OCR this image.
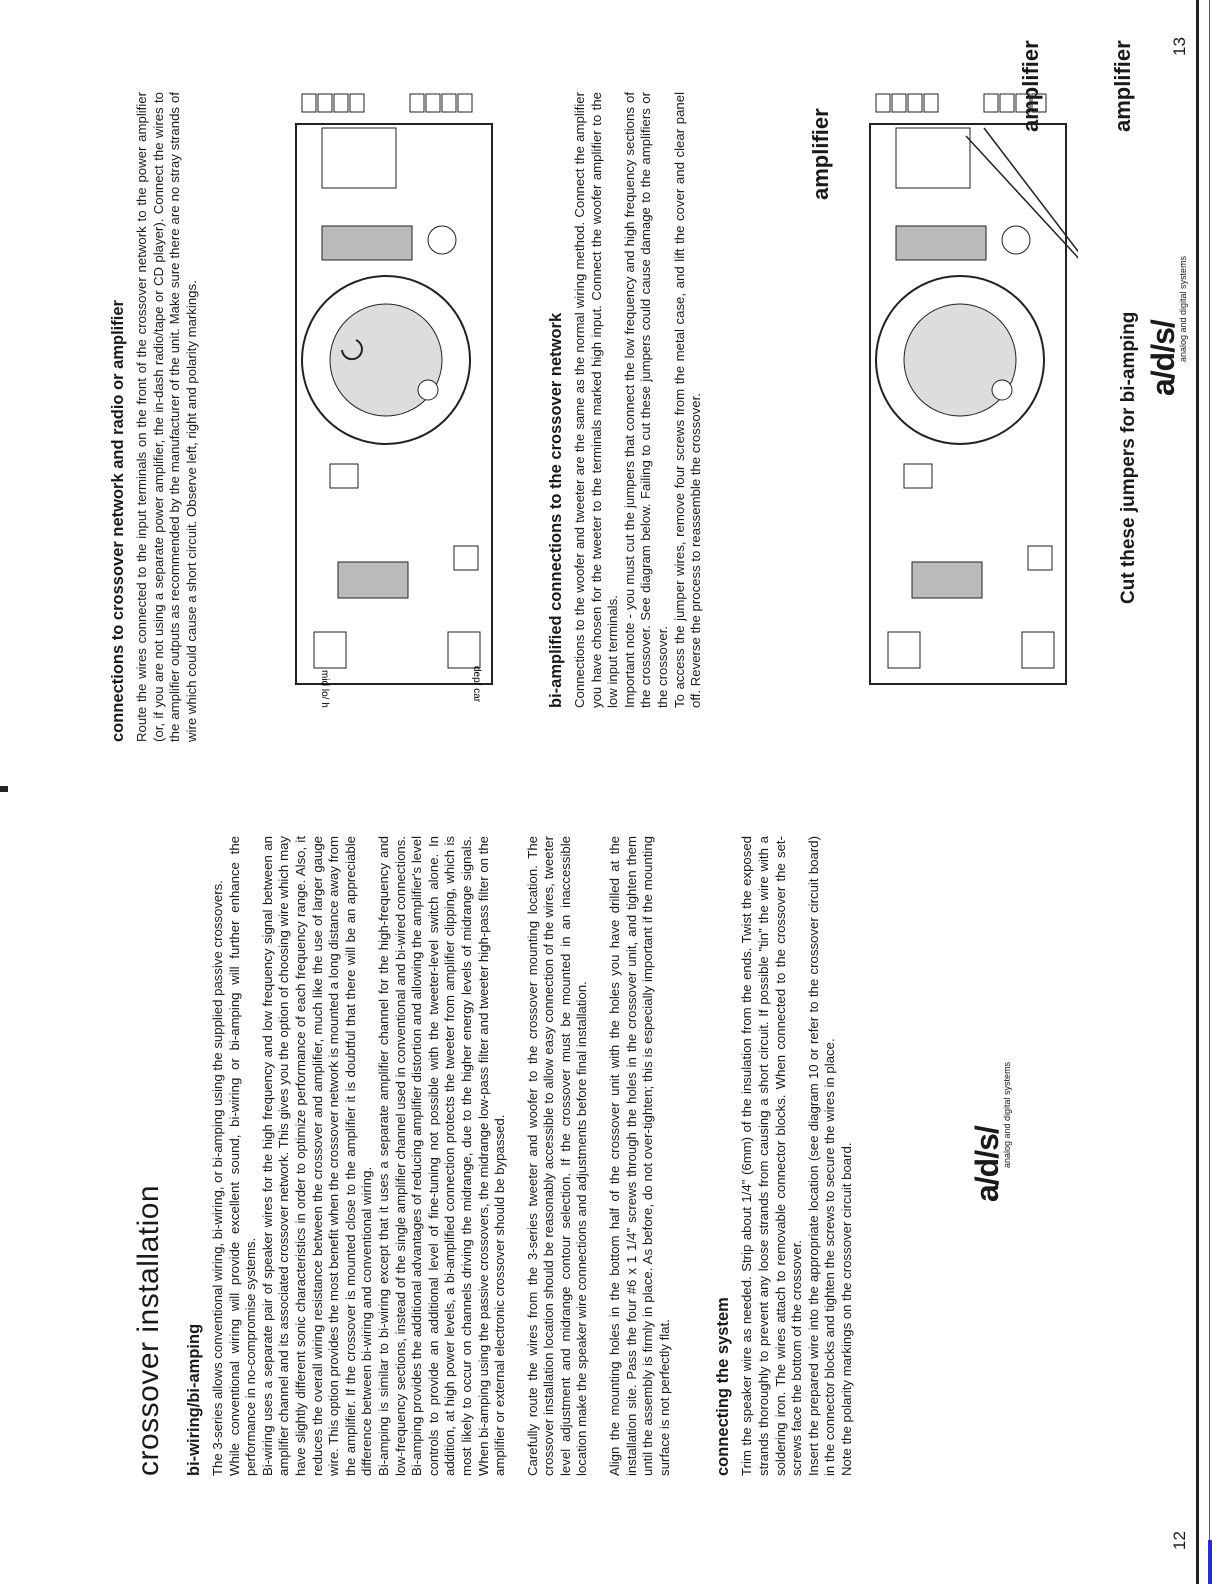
crossover installation bi-wiring/bi-amping The 3-series allows conventional wiring, bi-wiring, or bi-amping using the supplied passive crossovers. While conventional wiring will provide excellent sound, bi-wiring or bi-amping will further enhance the performance in no-compromise systems. Bi-wiring uses a separate pair of speaker wires for the high frequency and low frequency signal between an amplifier channel and its associated crossover network. This gives you the option of choosing wire which may have slightly different sonic characteristics in order to optimize performance of each frequency range. Also, it reduces the overall wiring resistance between the crossover and amplifier, much like the use of larger gauge wire. This option provides the most benefit when the crossover network is mounted a long distance away from the amplifier. If the crossover is mounted close to the amplifier it is doubtful that there will be an appreciable difference between bi-wiring and conventional wiring. Bi-amping is similar to bi-wiring except that it uses a separate amplifier channel for the high-frequency and low-frequency sections, instead of the single amplifier channel used in conventional and bi-wired connections. Bi-amping provides the additional advantages of reducing amplifier distortion and allowing the amplifier's level controls to provide an additional level of fine-tuning not possible with the tweeter-level switch alone. In addition, at high power levels, a bi-amplified connection protects the tweeter from amplifier clipping, which is most likely to occur on channels driving the midrange, due to the higher energy levels of midrange signals. When bi-amping using the passive crossovers, the midrange low-pass filter and tweeter high-pass filter on the amplifier or external electronic crossover should be bypassed. Carefully route the wires from the 3-series tweeter and woofer to the crossover mounting location. The crossover installation location should be reasonably accessible to allow easy connection of the wires, tweeter level adjustment and midrange contour selection. If the crossover must be mounted in an inaccessible location make the speaker wire connections and adjustments before final installation. Align the mounting holes in the bottom half of the crossover unit with the holes you have drilled at the installation site. Pass the four #6 x 1 1/4" screws through the holes in the crossover unit, and tighten them until the assembly is firmly in place. As before, do not over-tighten; this is especially important if the mounting surface is not perfectly flat.	connecting the system Trim the speaker wire as needed. Strip about 1/4" (6mm) of the insulation from the ends. Twist the exposed strands thoroughly to prevent any loose strands from causing a short circuit. If possible "tin" the wire with a soldering iron. The wires attach to removable connector blocks. When connected to the crossover the set-screws face the bottom of the crossover. Insert the prepared wire into the appropriate location (see diagram 10 or refer to the crossover circuit board) in the connector blocks and tighten the screws to secure the wires in place. Note the polarity markings on the crossover circuit board.	a/d/s/
analog and digital systems
12
connections to crossover network and radio or amplifier Route the wires connected to the input terminals on the front of the crossover network to the power amplifier (or, if you are not using a separate power amplifier, the in-dash radio/tape or CD player). Connect the wires to the amplifier outputs as recommended by the manufacturer of the unit. Make sure there are no stray strands of wire which could cause a short circuit. Observe left, right and polarity markings.	bi-amplified connections to the crossover network Connections to the woofer and tweeter are the same as the normal wiring method. Connect the amplifier you have chosen for the tweeter to the terminals marked high input. Connect the woofer amplifier to the low input terminals. Important note - you must cut the jumpers that connect the low frequency and high frequency sections of the crossover. See diagram below. Failing to cut these jumpers could cause damage to the amplifiers or the crossover. To access the jumper wires, remove four screws from the metal case, and lift the cover and clear panel off. Reverse the process to reassemble the crossover.

mid lo/ high	dep/ car
amplifier
amplifier
amplifier
Cut these jumpers for bi-amping a/d/s/
analog and digital systems
13
